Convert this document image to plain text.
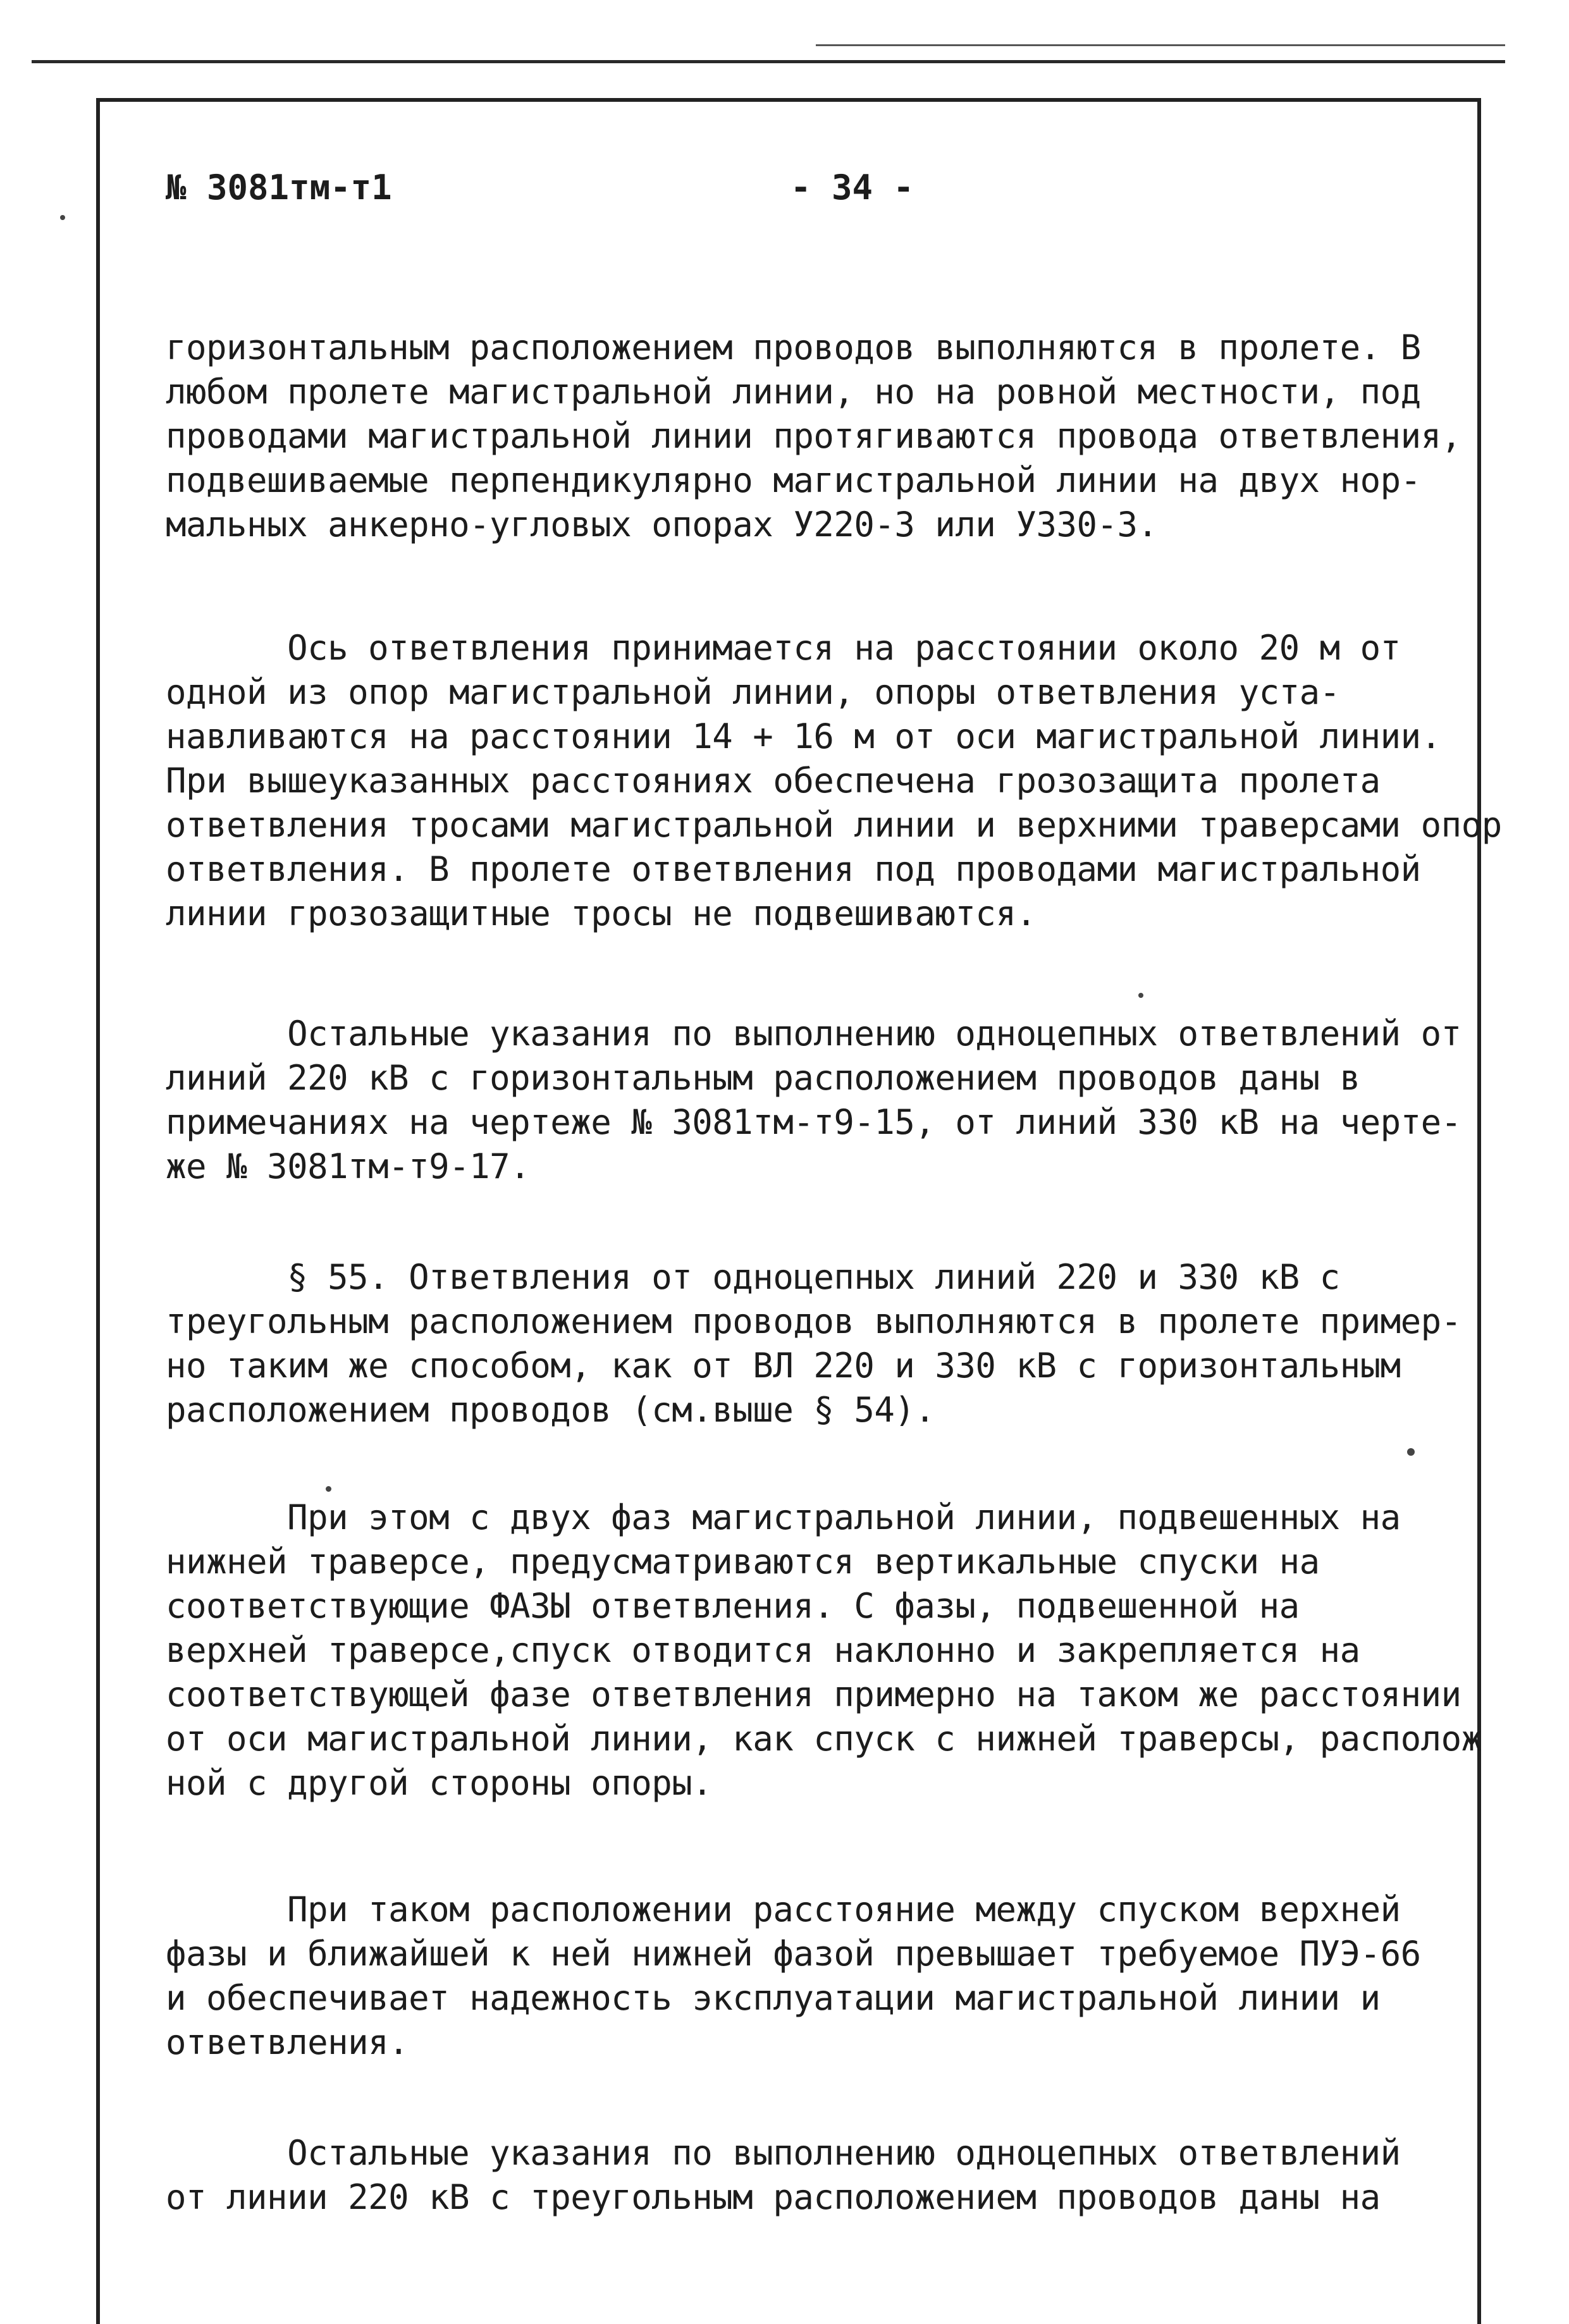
№ 3081тм-т1	- 34 -

горизонтальным расположением проводов выполняются в пролете. В
любом пролете магистральной линии, но на ровной местности, под
проводами магистральной линии протягиваются провода ответвления,
подвешиваемые перпендикулярно магистральной линии на двух нор-
мальных анкерно-угловых опорах У220-3 или У330-3.

Ось ответвления принимается на расстоянии около 20 м от
одной из опор магистральной линии, опоры ответвления уста-
навливаются на расстоянии 14 + 16 м от оси магистральной линии.
При вышеуказанных расстояниях обеспечена грозозащита пролета
ответвления тросами магистральной линии и верхними траверсами опор
ответвления. В пролете ответвления под проводами магистральной
линии грозозащитные тросы не подвешиваются.

Остальные указания по выполнению одноцепных ответвлений от
линий 220 кВ с горизонтальным расположением проводов даны в
примечаниях на чертеже № 3081тм-т9-15, от линий 330 кВ на черте-
же № 3081тм-т9-17.

§ 55. Ответвления от одноцепных линий 220 и 330 кВ с
треугольным расположением проводов выполняются в пролете пример-
но таким же способом, как от ВЛ 220 и 330 кВ с горизонтальным
расположением проводов (см.выше § 54).

При этом с двух фаз магистральной линии, подвешенных на
нижней траверсе, предусматриваются вертикальные спуски на
соответствующие ФАЗЫ ответвления. С фазы, подвешенной на
верхней траверсе,спуск отводится наклонно и закрепляется на
соответствующей фазе ответвления примерно на таком же расстоянии
от оси магистральной линии, как спуск с нижней траверсы, располож
ной с другой стороны опоры.

При таком расположении расстояние между спуском верхней
фазы и ближайшей к ней нижней фазой превышает требуемое ПУЭ-66
и обеспечивает надежность эксплуатации магистральной линии и
ответвления.

Остальные указания по выполнению одноцепных ответвлений
от линии 220 кВ с треугольным расположением проводов даны на
